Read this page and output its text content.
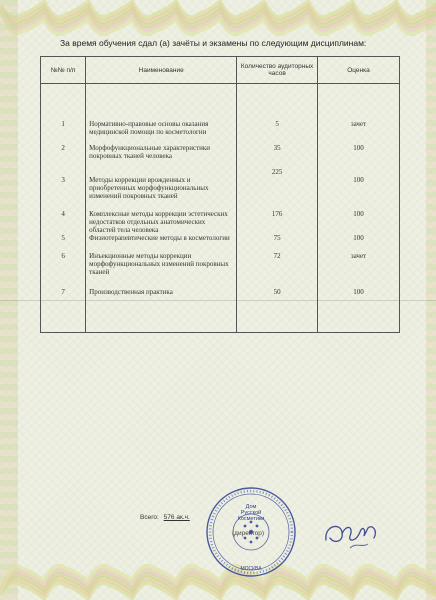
За время обучения сдал (а) зачёты и экзамены по следующим дисциплинам:
№№ п/п	Наименование	Количество аудиторных часов	Оценка
1	Нормативно-правовые основы оказания медицинской помощи по косметологии	5	зачет
2	Морфофункциональные характеристики покровных тканей человека	35	100
3	Методы коррекции врожденных и приобретенных морфофункциональных изменений покровных тканей	225	100
4	Комплексные методы коррекции эстетических недостатков отдельных анатомических областей тела человека	176	100
5	Физиотерапевтические методы в косметологии	75	100
6	Инъекционные методы коррекции морфофункциональных изменений покровных тканей	72	зачет
7	Производственная практика	50	100
Всего: 576 ак.ч.
Дом
Русской
Косметики
МОСКВА
(директор)
